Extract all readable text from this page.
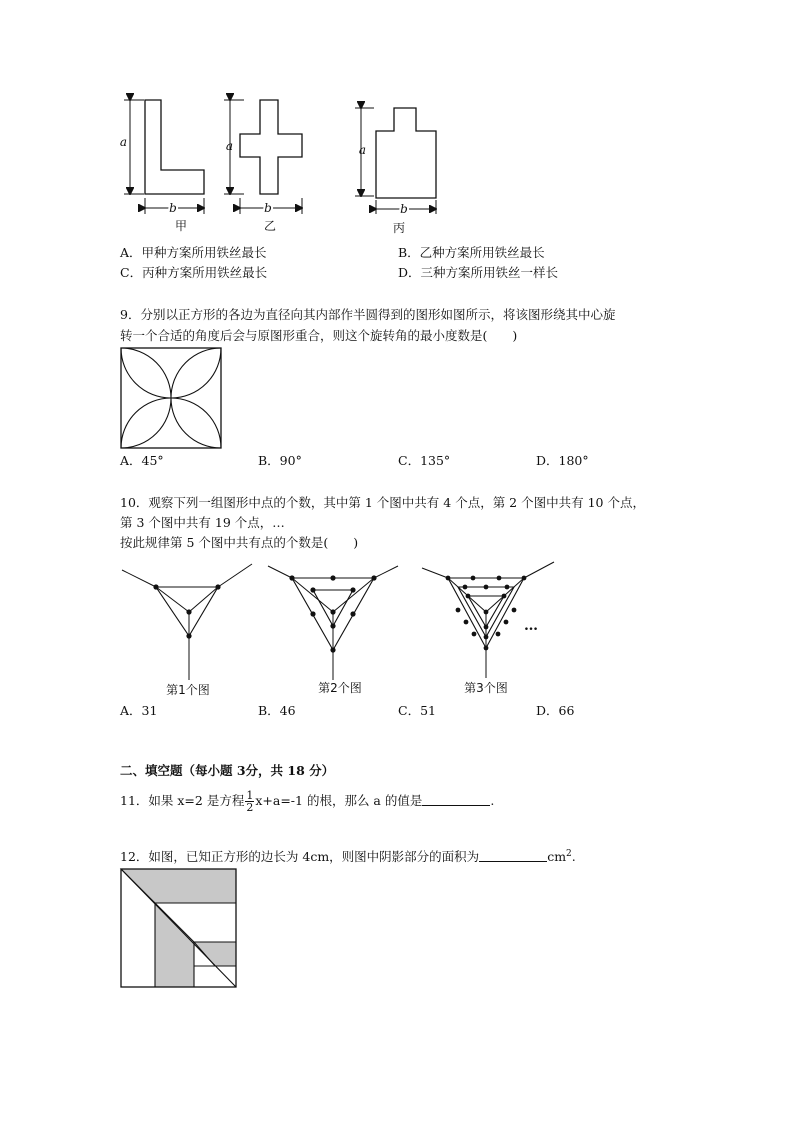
a
b
甲
a
b
乙
a
b
丙
A．甲种方案所用铁丝最长	B．乙种方案所用铁丝最长
C．丙种方案所用铁丝最长	D．三种方案所用铁丝一样长
9．分别以正方形的各边为直径向其内部作半圆得到的图形如图所示，将该图形绕其中心旋
转一个合适的角度后会与原图形重合，则这个旋转角的最小度数是(　　)
A．45°	B．90°	C．135°	D．180°
10．观察下列一组图形中点的个数，其中第 1 个图中共有 4 个点，第 2 个图中共有 10 个点，
第 3 个图中共有 19 个点，…
按此规律第 5 个图中共有点的个数是(　　)
…
第1个图	第2个图	第3个图
A．31	B．46	C．51	D．66
二、填空题（每小题 3分，共 18 分）
11．如果 x=2 是方程 $\frac{1}{2} x+a=-1$ 的根，那么 a 的值是	.
12．如图，已知正方形的边长为 4cm，则图中阴影部分的面积为	$cm^2$.
